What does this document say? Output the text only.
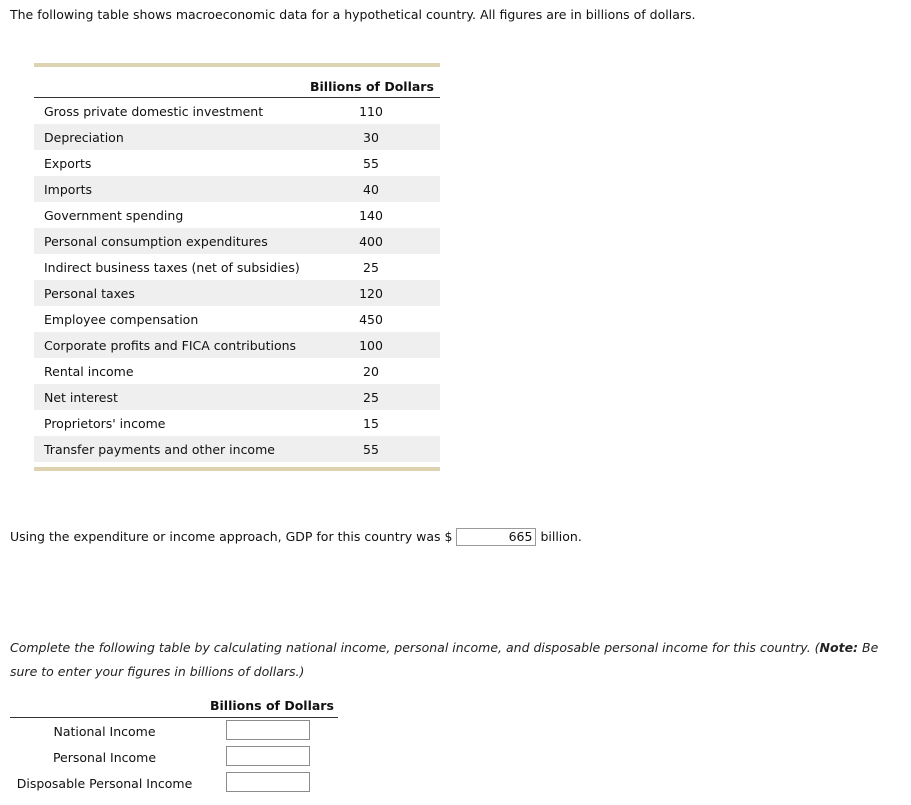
The following table shows macroeconomic data for a hypothetical country. All figures are in billions of dollars.
Billions of Dollars
Gross private domestic investment	110
Depreciation	30
Exports	55
Imports	40
Government spending	140
Personal consumption expenditures	400
Indirect business taxes (net of subsidies)	25
Personal taxes	120
Employee compensation	450
Corporate profits and FICA contributions	100
Rental income	20
Net interest	25
Proprietors' income	15
Transfer payments and other income	55
Using the expenditure or income approach, GDP for this country was $	665 billion.
Complete the following table by calculating national income, personal income, and disposable personal income for this country. (Note: Be sure to enter your figures in billions of dollars.)
Billions of Dollars
National Income
Personal Income
Disposable Personal Income
